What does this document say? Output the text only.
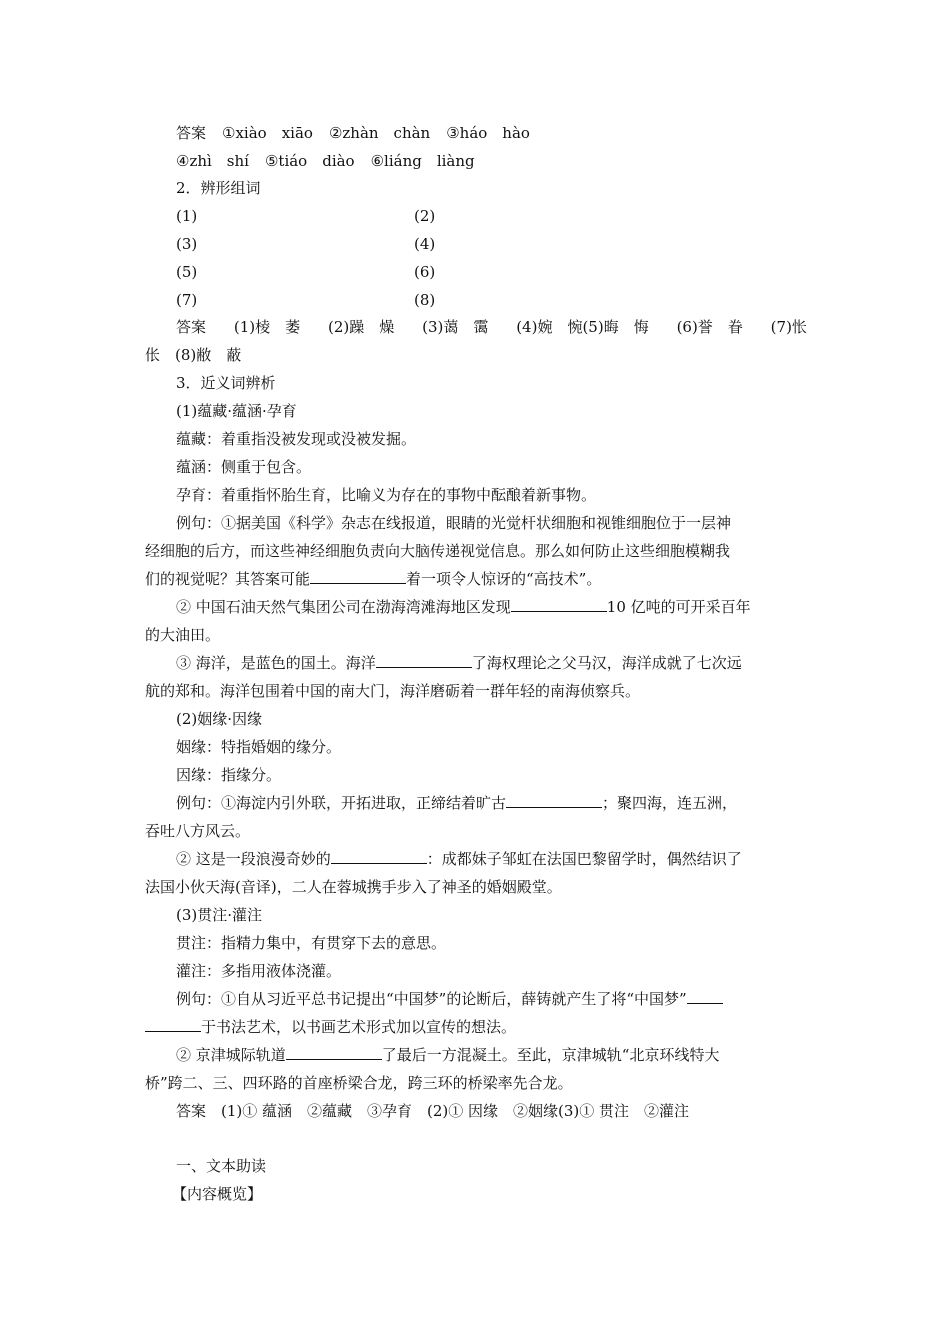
答案 ①xiào　xiāo ②zhàn　chàn ③háo　hào
④zhì　shí ⑤tiáo　diào ⑥liáng　liàng
2．辨形组词
(1)	(2)
(3)	(4)
(5)	(6)
(7)	(8)
答案 (1)棱　萎 (2)躁　燥 (3)蔼　霭 (4)婉　惋(5)晦　悔 (6)誉　眷 (7)怅
伥　(8)敝　蔽
3．近义词辨析
(1)蕴藏·蕴涵·孕育
蕴藏：着重指没被发现或没被发掘。
蕴涵：侧重于包含。
孕育：着重指怀胎生育，比喻义为存在的事物中酝酿着新事物。
例句：①据美国《科学》杂志在线报道，眼睛的光觉杆状细胞和视锥细胞位于一层神
经细胞的后方，而这些神经细胞负责向大脑传递视觉信息。那么如何防止这些细胞模糊我
们的视觉呢？其答案可能	着一项令人惊讶的“高技术”。
② 中国石油天然气集团公司在渤海湾滩海地区发现	10 亿吨的可开采百年
的大油田。
③ 海洋，是蓝色的国土。海洋	了海权理论之父马汉，海洋成就了七次远
航的郑和。海洋包围着中国的南大门，海洋磨砺着一群年轻的南海侦察兵。
(2)姻缘·因缘
姻缘：特指婚姻的缘分。
因缘：指缘分。
例句：①海淀内引外联，开拓进取，正缔结着旷古	；聚四海，连五洲，
吞吐八方风云。
② 这是一段浪漫奇妙的	：成都妹子邹虹在法国巴黎留学时，偶然结识了
法国小伙天海(音译)，二人在蓉城携手步入了神圣的婚姻殿堂。
(3)贯注·灌注
贯注：指精力集中，有贯穿下去的意思。
灌注：多指用液体浇灌。
例句：①自从习近平总书记提出“中国梦”的论断后，薛铸就产生了将“中国梦”
于书法艺术，以书画艺术形式加以宣传的想法。
② 京津城际轨道	了最后一方混凝土。至此，京津城轨“北京环线特大
桥”跨二、三、四环路的首座桥梁合龙，跨三环的桥梁率先合龙。
答案　(1)① 蕴涵　②蕴藏　③孕育　(2)① 因缘　②姻缘(3)① 贯注　②灌注
一、文本助读
【内容概览】
